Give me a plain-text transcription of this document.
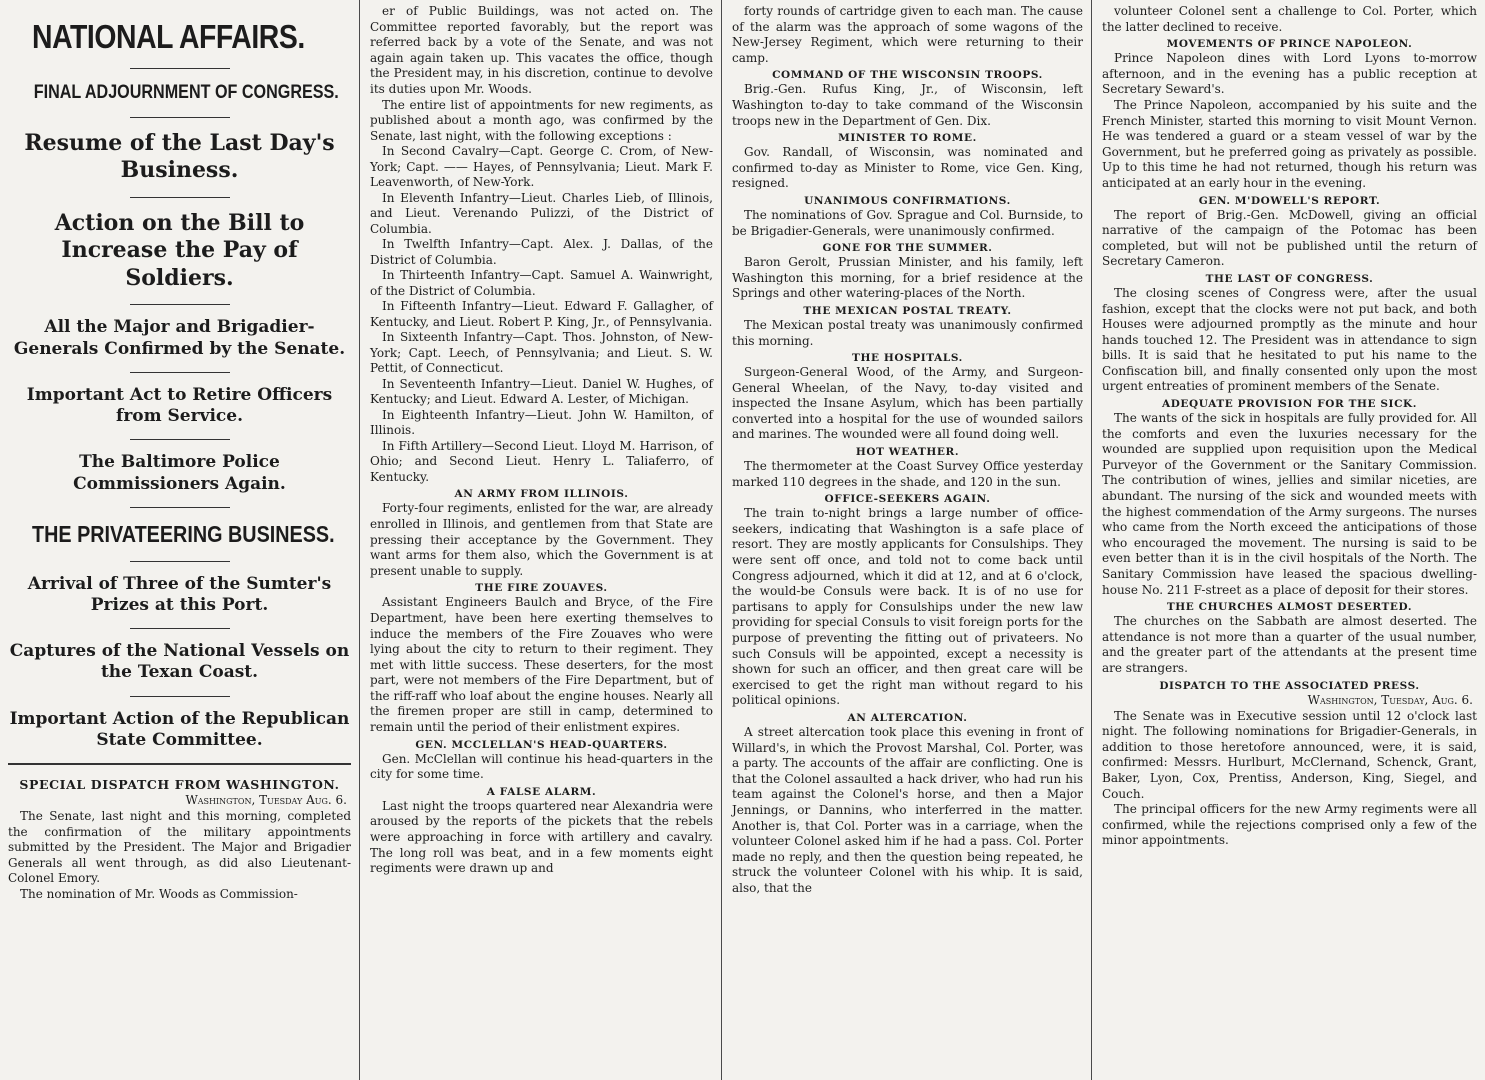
NATIONAL AFFAIRS.
FINAL ADJOURNMENT OF CONGRESS.
Resume of the Last Day's Business.
Action on the Bill to Increase the Pay of Soldiers.
All the Major and Brigadier-Generals Confirmed by the Senate.
Important Act to Retire Officers from Service.
The Baltimore Police Commissioners Again.
THE PRIVATEERING BUSINESS.
Arrival of Three of the Sumter's Prizes at this Port.
Captures of the National Vessels on the Texan Coast.
Important Action of the Republican State Committee.
SPECIAL DISPATCH FROM WASHINGTON.
Washington, Tuesday Aug. 6.

The Senate, last night and this morning, completed the confirmation of the military appointments submitted by the President. The Major and Brigadier Generals all went through, as did also Lieutenant-Colonel Emory.

The nomination of Mr. Woods as Commission-

er of Public Buildings, was not acted on. The Committee reported favorably, but the report was referred back by a vote of the Senate, and was not again again taken up. This vacates the office, though the President may, in his discretion, continue to devolve its duties upon Mr. Woods.

The entire list of appointments for new regiments, as published about a month ago, was confirmed by the Senate, last night, with the following exceptions :

In Second Cavalry—Capt. George C. Crom, of New-York; Capt. —— Hayes, of Pennsylvania; Lieut. Mark F. Leavenworth, of New-York.

In Eleventh Infantry—Lieut. Charles Lieb, of Illinois, and Lieut. Verenando Pulizzi, of the District of Columbia.

In Twelfth Infantry—Capt. Alex. J. Dallas, of the District of Columbia.

In Thirteenth Infantry—Capt. Samuel A. Wainwright, of the District of Columbia.

In Fifteenth Infantry—Lieut. Edward F. Gallagher, of Kentucky, and Lieut. Robert P. King, Jr., of Pennsylvania.

In Sixteenth Infantry—Capt. Thos. Johnston, of New-York; Capt. Leech, of Pennsylvania; and Lieut. S. W. Pettit, of Connecticut.

In Seventeenth Infantry—Lieut. Daniel W. Hughes, of Kentucky; and Lieut. Edward A. Lester, of Michigan.

In Eighteenth Infantry—Lieut. John W. Hamilton, of Illinois.

In Fifth Artillery—Second Lieut. Lloyd M. Harrison, of Ohio; and Second Lieut. Henry L. Taliaferro, of Kentucky.

AN ARMY FROM ILLINOIS.

Forty-four regiments, enlisted for the war, are already enrolled in Illinois, and gentlemen from that State are pressing their acceptance by the Government. They want arms for them also, which the Government is at present unable to supply.

THE FIRE ZOUAVES.

Assistant Engineers Baulch and Bryce, of the Fire Department, have been here exerting themselves to induce the members of the Fire Zouaves who were lying about the city to return to their regiment. They met with little success. These deserters, for the most part, were not members of the Fire Department, but of the riff-raff who loaf about the engine houses. Nearly all the firemen proper are still in camp, determined to remain until the period of their enlistment expires.

GEN. MCCLELLAN'S HEAD-QUARTERS.

Gen. McClellan will continue his head-quarters in the city for some time.

A FALSE ALARM.

Last night the troops quartered near Alexandria were aroused by the reports of the pickets that the rebels were approaching in force with artillery and cavalry. The long roll was beat, and in a few moments eight regiments were drawn up and

forty rounds of cartridge given to each man. The cause of the alarm was the approach of some wagons of the New-Jersey Regiment, which were returning to their camp.

COMMAND OF THE WISCONSIN TROOPS.

Brig.-Gen. Rufus King, Jr., of Wisconsin, left Washington to-day to take command of the Wisconsin troops new in the Department of Gen. Dix.

MINISTER TO ROME.

Gov. Randall, of Wisconsin, was nominated and confirmed to-day as Minister to Rome, vice Gen. King, resigned.

UNANIMOUS CONFIRMATIONS.

The nominations of Gov. Sprague and Col. Burnside, to be Brigadier-Generals, were unanimously confirmed.

GONE FOR THE SUMMER.

Baron Gerolt, Prussian Minister, and his family, left Washington this morning, for a brief residence at the Springs and other watering-places of the North.

THE MEXICAN POSTAL TREATY.

The Mexican postal treaty was unanimously confirmed this morning.

THE HOSPITALS.

Surgeon-General Wood, of the Army, and Surgeon-General Wheelan, of the Navy, to-day visited and inspected the Insane Asylum, which has been partially converted into a hospital for the use of wounded sailors and marines. The wounded were all found doing well.

HOT WEATHER.

The thermometer at the Coast Survey Office yesterday marked 110 degrees in the shade, and 120 in the sun.

OFFICE-SEEKERS AGAIN.

The train to-night brings a large number of office-seekers, indicating that Washington is a safe place of resort. They are mostly applicants for Consulships. They were sent off once, and told not to come back until Congress adjourned, which it did at 12, and at 6 o'clock, the would-be Consuls were back. It is of no use for partisans to apply for Consulships under the new law providing for special Consuls to visit foreign ports for the purpose of preventing the fitting out of privateers. No such Consuls will be appointed, except a necessity is shown for such an officer, and then great care will be exercised to get the right man without regard to his political opinions.

AN ALTERCATION.

A street altercation took place this evening in front of Willard's, in which the Provost Marshal, Col. Porter, was a party. The accounts of the affair are conflicting. One is that the Colonel assaulted a hack driver, who had run his team against the Colonel's horse, and then a Major Jennings, or Dannins, who interferred in the matter. Another is, that Col. Porter was in a carriage, when the volunteer Colonel asked him if he had a pass. Col. Porter made no reply, and then the question being repeated, he struck the volunteer Colonel with his whip. It is said, also, that the

volunteer Colonel sent a challenge to Col. Porter, which the latter declined to receive.

MOVEMENTS OF PRINCE NAPOLEON.

Prince Napoleon dines with Lord Lyons to-morrow afternoon, and in the evening has a public reception at Secretary Seward's.

The Prince Napoleon, accompanied by his suite and the French Minister, started this morning to visit Mount Vernon. He was tendered a guard or a steam vessel of war by the Government, but he preferred going as privately as possible. Up to this time he had not returned, though his return was anticipated at an early hour in the evening.

GEN. M'DOWELL'S REPORT.

The report of Brig.-Gen. McDowell, giving an official narrative of the campaign of the Potomac has been completed, but will not be published until the return of Secretary Cameron.

THE LAST OF CONGRESS.

The closing scenes of Congress were, after the usual fashion, except that the clocks were not put back, and both Houses were adjourned promptly as the minute and hour hands touched 12. The President was in attendance to sign bills. It is said that he hesitated to put his name to the Confiscation bill, and finally consented only upon the most urgent entreaties of prominent members of the Senate.

ADEQUATE PROVISION FOR THE SICK.

The wants of the sick in hospitals are fully provided for. All the comforts and even the luxuries necessary for the wounded are supplied upon requisition upon the Medical Purveyor of the Government or the Sanitary Commission. The contribution of wines, jellies and similar niceties, are abundant. The nursing of the sick and wounded meets with the highest commendation of the Army surgeons. The nurses who came from the North exceed the anticipations of those who encouraged the movement. The nursing is said to be even better than it is in the civil hospitals of the North. The Sanitary Commission have leased the spacious dwelling-house No. 211 F-street as a place of deposit for their stores.

THE CHURCHES ALMOST DESERTED.

The churches on the Sabbath are almost deserted. The attendance is not more than a quarter of the usual number, and the greater part of the attendants at the present time are strangers.

DISPATCH TO THE ASSOCIATED PRESS.
Washington, Tuesday, Aug. 6.

The Senate was in Executive session until 12 o'clock last night. The following nominations for Brigadier-Generals, in addition to those heretofore announced, were, it is said, confirmed: Messrs. Hurlburt, McClernand, Schenck, Grant, Baker, Lyon, Cox, Prentiss, Anderson, King, Siegel, and Couch.

The principal officers for the new Army regiments were all confirmed, while the rejections comprised only a few of the minor appointments.
